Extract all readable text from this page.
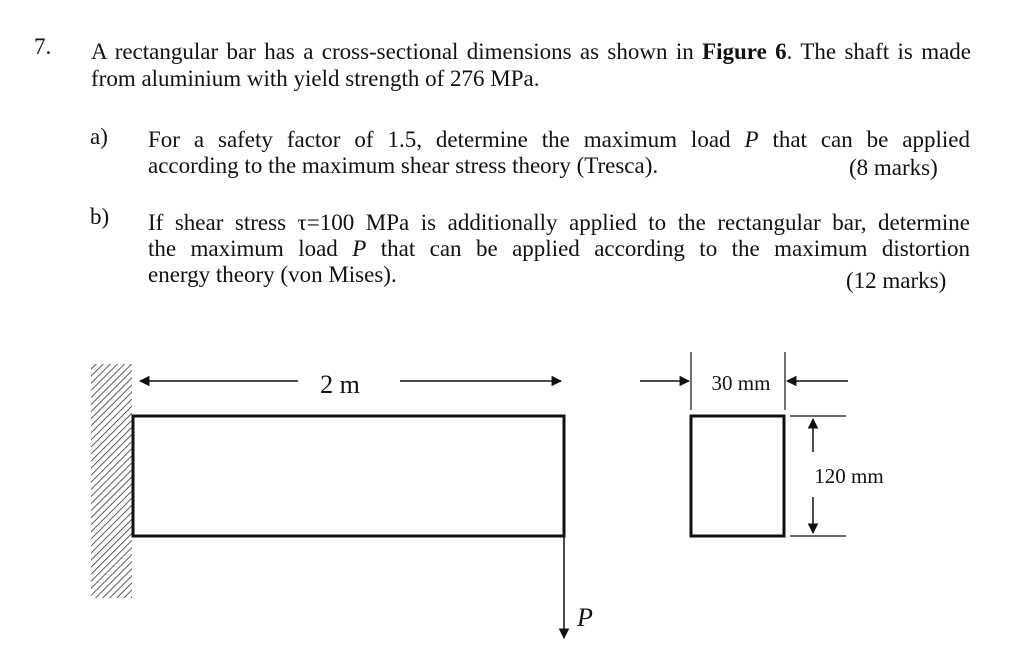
7. A rectangular bar has a cross-sectional dimensions as shown in Figure 6. The shaft is made from aluminium with yield strength of 276 MPa.
a) For a safety factor of 1.5, determine the maximum load P that can be applied
according to the maximum shear stress theory (Tresca).	(8 marks)
b) If shear stress τ=100 MPa is additionally applied to the rectangular bar, determine
the maximum load P that can be applied according to the maximum distortion
energy theory (von Mises).	(12 marks)
2 m
P
30 mm
120 mm
